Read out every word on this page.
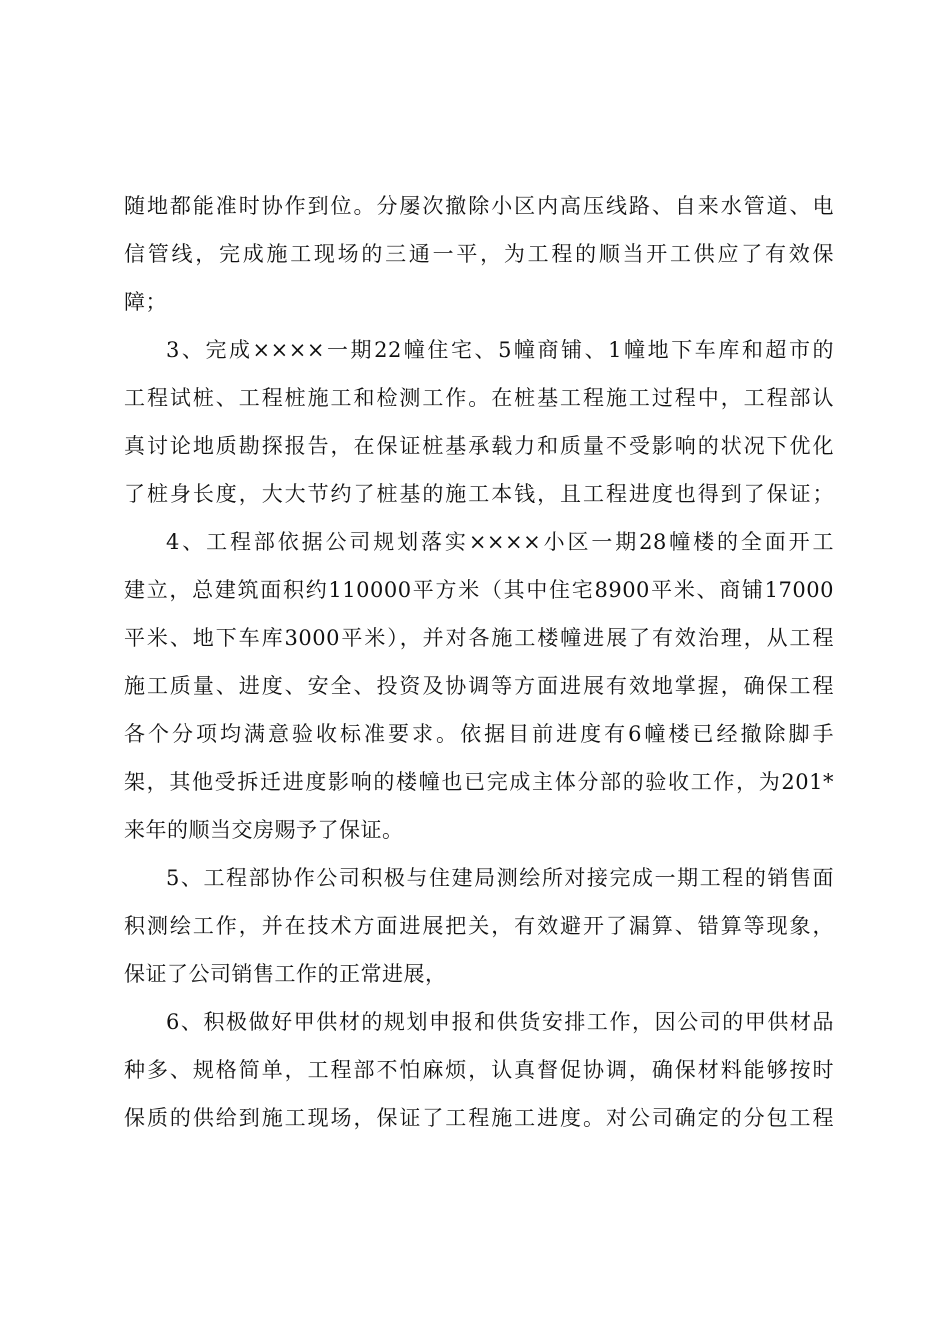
随地都能准时协作到位。分屡次撤除小区内高压线路、自来水管道、电
信管线，完成施工现场的三通一平，为工程的顺当开工供应了有效保
障；
3、完成××××一期22幢住宅、5幢商铺、1幢地下车库和超市的
工程试桩、工程桩施工和检测工作。在桩基工程施工过程中，工程部认
真讨论地质勘探报告，在保证桩基承载力和质量不受影响的状况下优化
了桩身长度，大大节约了桩基的施工本钱，且工程进度也得到了保证；
4、工程部依据公司规划落实××××小区一期28幢楼的全面开工
建立，总建筑面积约110000平方米（其中住宅8900平米、商铺17000
平米、地下车库3000平米），并对各施工楼幢进展了有效治理，从工程
施工质量、进度、安全、投资及协调等方面进展有效地掌握，确保工程
各个分项均满意验收标准要求。依据目前进度有6幢楼已经撤除脚手
架，其他受拆迁进度影响的楼幢也已完成主体分部的验收工作，为201*
来年的顺当交房赐予了保证。
5、工程部协作公司积极与住建局测绘所对接完成一期工程的销售面
积测绘工作，并在技术方面进展把关，有效避开了漏算、错算等现象，
保证了公司销售工作的正常进展，
6、积极做好甲供材的规划申报和供货安排工作，因公司的甲供材品
种多、规格简单，工程部不怕麻烦，认真督促协调，确保材料能够按时
保质的供给到施工现场，保证了工程施工进度。对公司确定的分包工程
